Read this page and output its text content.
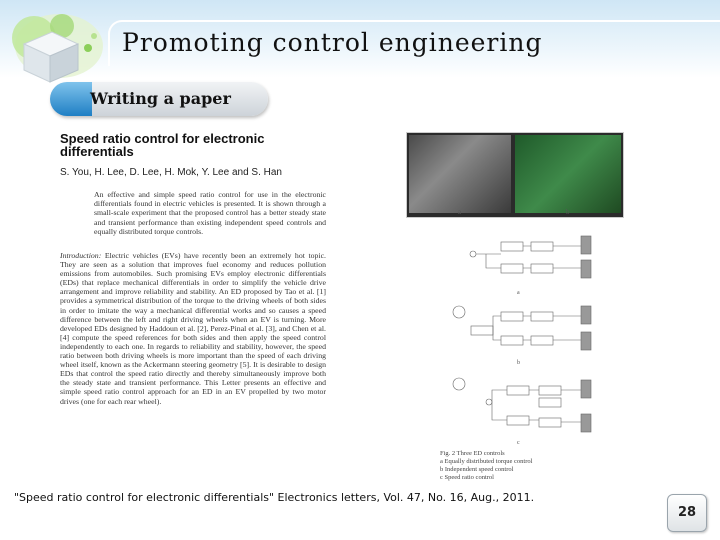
Promoting control engineering
Writing a paper
Speed ratio control for electronic differentials
S. You, H. Lee, D. Lee, H. Mok, Y. Lee and S. Han
An effective and simple speed ratio control for use in the electronic differentials found in electric vehicles is presented. It is shown through a small-scale experiment that the proposed control has a better steady state and transient performance than existing independent speed controls and equally distributed torque controls.
Introduction: Electric vehicles (EVs) have recently been an extremely hot topic. They are seen as a solution that improves fuel economy and reduces pollution emissions from automobiles. Such promising EVs employ electronic differentials (EDs) that replace mechanical differentials in order to simplify the vehicle drive arrangement and improve reliability and stability. An ED proposed by Tao et al. [1] provides a symmetrical distribution of the torque to the driving wheels of both sides in order to imitate the way a mechanical differential works and so causes a speed difference between the left and right driving wheels when an EV is turning. More developed EDs designed by Haddoun et al. [2], Perez-Pinal et al. [3], and Chen et al. [4] compute the speed references for both sides and then apply the speed control independently to each one. In regards to reliability and stability, however, the speed ratio between both driving wheels is more important than the speed of each driving wheel itself, known as the Ackermann steering geometry [5]. It is desirable to design EDs that control the speed ratio directly and thereby simultaneously improve both the steady state and transient performance. This Letter presents an effective and simple speed ratio control approach for an ED in an EV propelled by two motor drives (one for each rear wheel).
a	b
a
b
c
Fig. 2 Three ED controls
a Equally distributed torque control
b Independent speed control
c Speed ratio control
"Speed ratio control for electronic differentials" Electronics letters, Vol. 47, No. 16, Aug., 2011.
28
